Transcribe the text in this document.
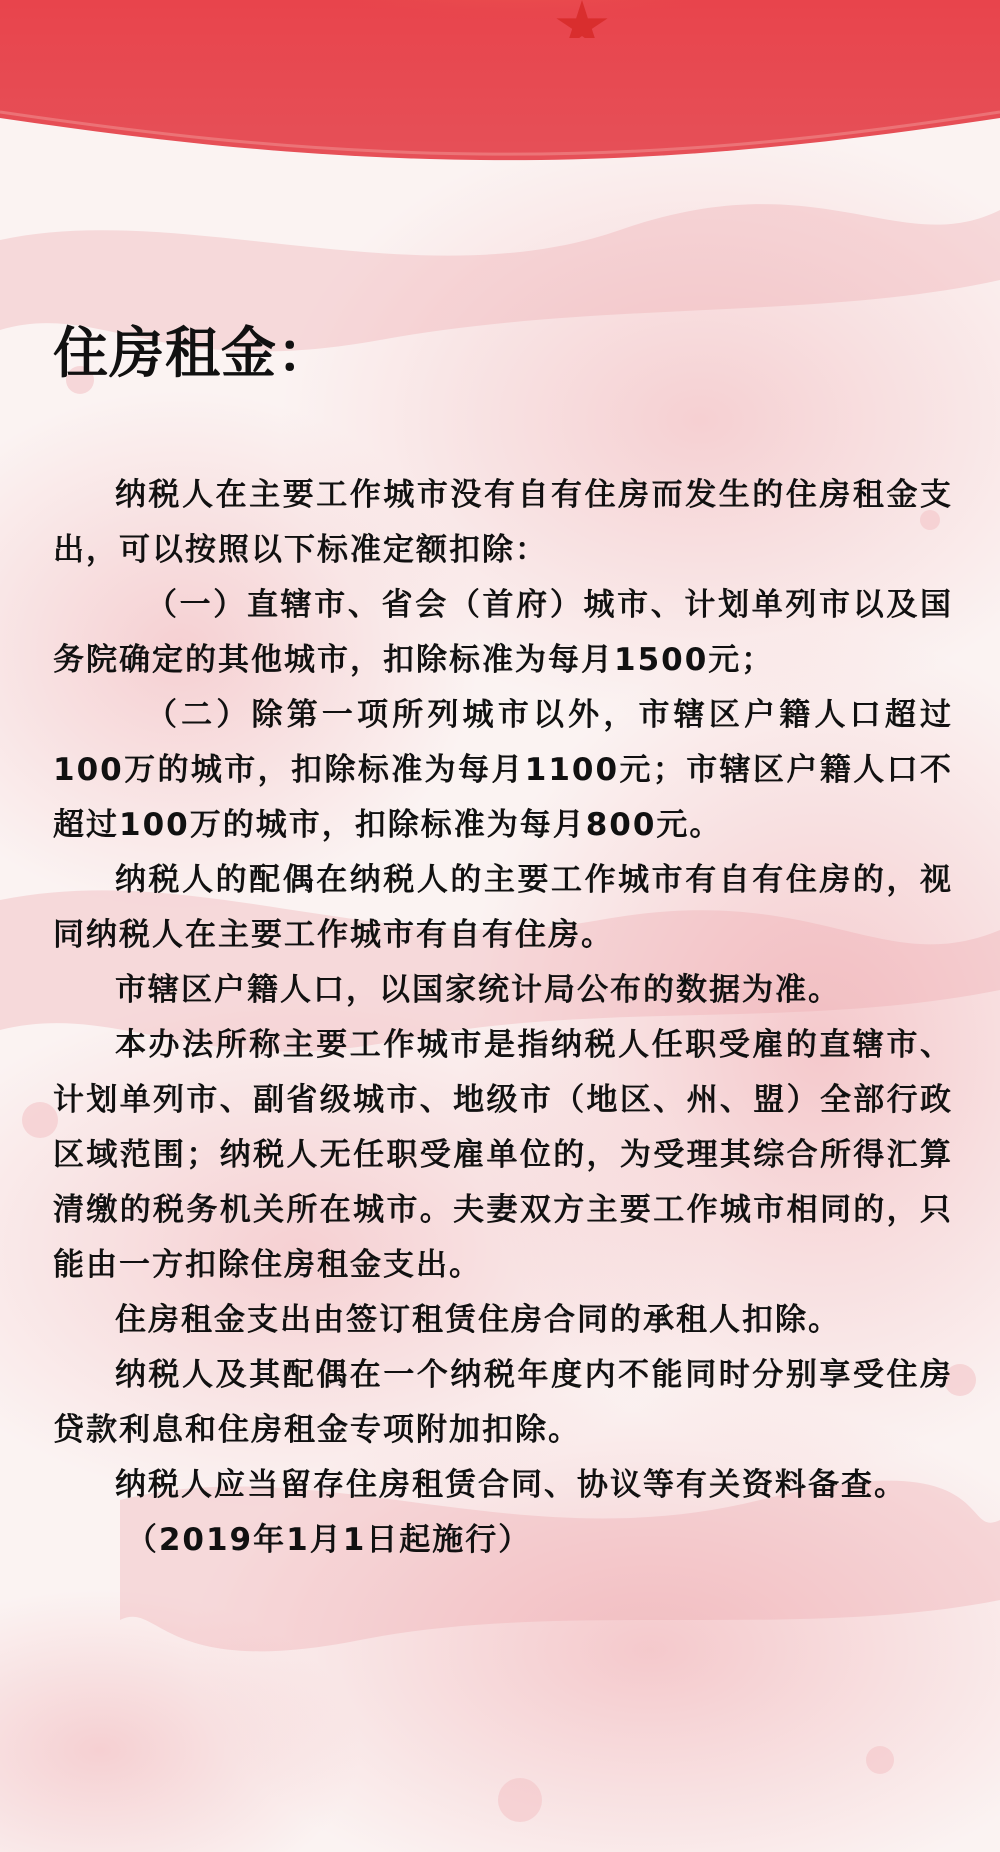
住房租金：

纳税人在主要工作城市没有自有住房而发生的住房租金支出，可以按照以下标准定额扣除：

（一）直辖市、省会（首府）城市、计划单列市以及国务院确定的其他城市，扣除标准为每月1500元；

（二）除第一项所列城市以外，市辖区户籍人口超过100万的城市，扣除标准为每月1100元；市辖区户籍人口不超过100万的城市，扣除标准为每月800元。

纳税人的配偶在纳税人的主要工作城市有自有住房的，视同纳税人在主要工作城市有自有住房。

市辖区户籍人口，以国家统计局公布的数据为准。

本办法所称主要工作城市是指纳税人任职受雇的直辖市、计划单列市、副省级城市、地级市（地区、州、盟）全部行政区域范围；纳税人无任职受雇单位的，为受理其综合所得汇算清缴的税务机关所在城市。夫妻双方主要工作城市相同的，只能由一方扣除住房租金支出。

住房租金支出由签订租赁住房合同的承租人扣除。

纳税人及其配偶在一个纳税年度内不能同时分别享受住房贷款利息和住房租金专项附加扣除。

纳税人应当留存住房租赁合同、协议等有关资料备查。

（2019年1月1日起施行）
